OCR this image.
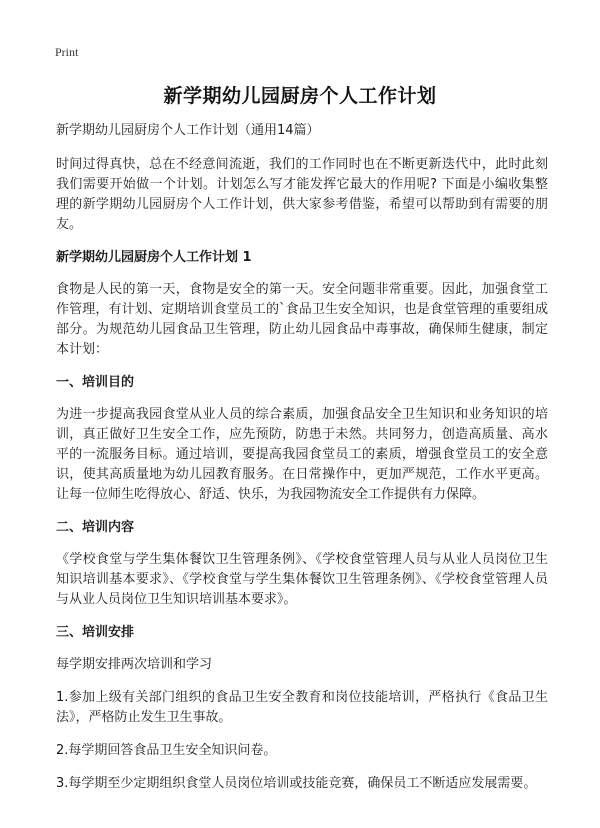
Print
新学期幼儿园厨房个人工作计划

新学期幼儿园厨房个人工作计划（通用14篇）

时间过得真快，总在不经意间流逝，我们的工作同时也在不断更新迭代中，此时此刻我们需要开始做一个计划。计划怎么写才能发挥它最大的作用呢? 下面是小编收集整理的新学期幼儿园厨房个人工作计划，供大家参考借鉴，希望可以帮助到有需要的朋友。

新学期幼儿园厨房个人工作计划 1

食物是人民的第一天，食物是安全的第一天。安全问题非常重要。因此，加强食堂工作管理，有计划、定期培训食堂员工的`食品卫生安全知识，也是食堂管理的重要组成部分。为规范幼儿园食品卫生管理，防止幼儿园食品中毒事故，确保师生健康，制定本计划：

一、培训目的

为进一步提高我园食堂从业人员的综合素质，加强食品安全卫生知识和业务知识的培训，真正做好卫生安全工作，应先预防，防患于未然。共同努力，创造高质量、高水平的一流服务目标。通过培训，要提高我园食堂员工的素质，增强食堂员工的安全意识，使其高质量地为幼儿园教育服务。在日常操作中，更加严规范，工作水平更高。让每一位师生吃得放心、舒适、快乐，为我园物流安全工作提供有力保障。

二、培训内容

《学校食堂与学生集体餐饮卫生管理条例》、《学校食堂管理人员与从业人员岗位卫生知识培训基本要求》、《学校食堂与学生集体餐饮卫生管理条例》、《学校食堂管理人员与从业人员岗位卫生知识培训基本要求》。

三、培训安排

每学期安排两次培训和学习

1.参加上级有关部门组织的食品卫生安全教育和岗位技能培训，严格执行《食品卫生法》，严格防止发生卫生事故。

2.每学期回答食品卫生安全知识问卷。

3.每学期至少定期组织食堂人员岗位培训或技能竞赛，确保员工不断适应发展需要。
